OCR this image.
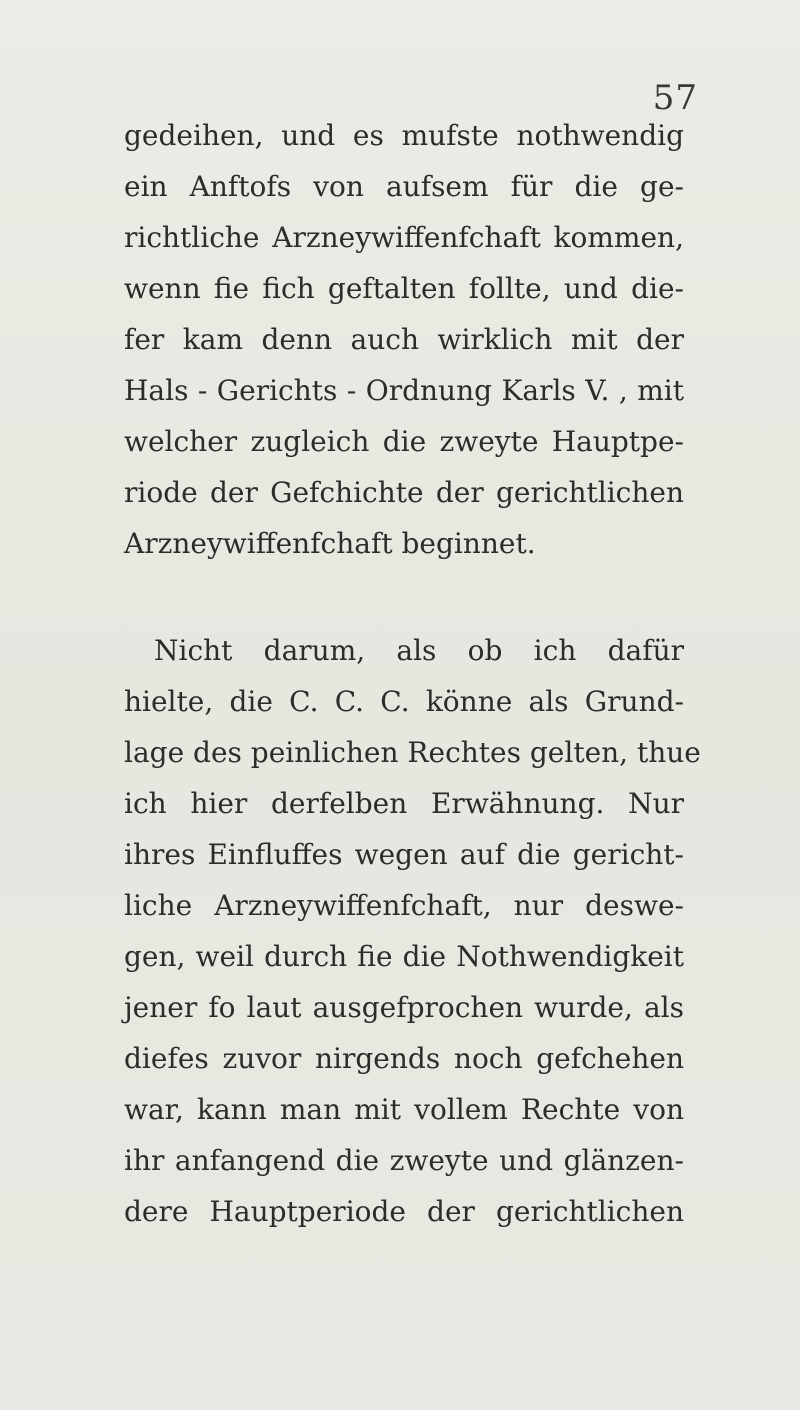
57
gedeihen, und es mufste nothwendig
ein Anftofs von aufsem für die ge-
richtliche Arzneywiffenfchaft kommen,
wenn fie fich geftalten follte, und die-
fer kam denn auch wirklich mit der
Hals - Gerichts - Ordnung Karls V. , mit
welcher zugleich die zweyte Hauptpe-
riode der Gefchichte der gerichtlichen
Arzneywiffenfchaft beginnet.
Nicht darum, als ob ich dafür
hielte, die C. C. C. könne als Grund-
lage des peinlichen Rechtes gelten, thue
ich hier derfelben Erwähnung. Nur
ihres Einfluffes wegen auf die gericht-
liche Arzneywiffenfchaft, nur deswe-
gen, weil durch fie die Nothwendigkeit
jener fo laut ausgefprochen wurde, als
diefes zuvor nirgends noch gefchehen
war, kann man mit vollem Rechte von
ihr anfangend die zweyte und glänzen-
dere Hauptperiode der gerichtlichen
